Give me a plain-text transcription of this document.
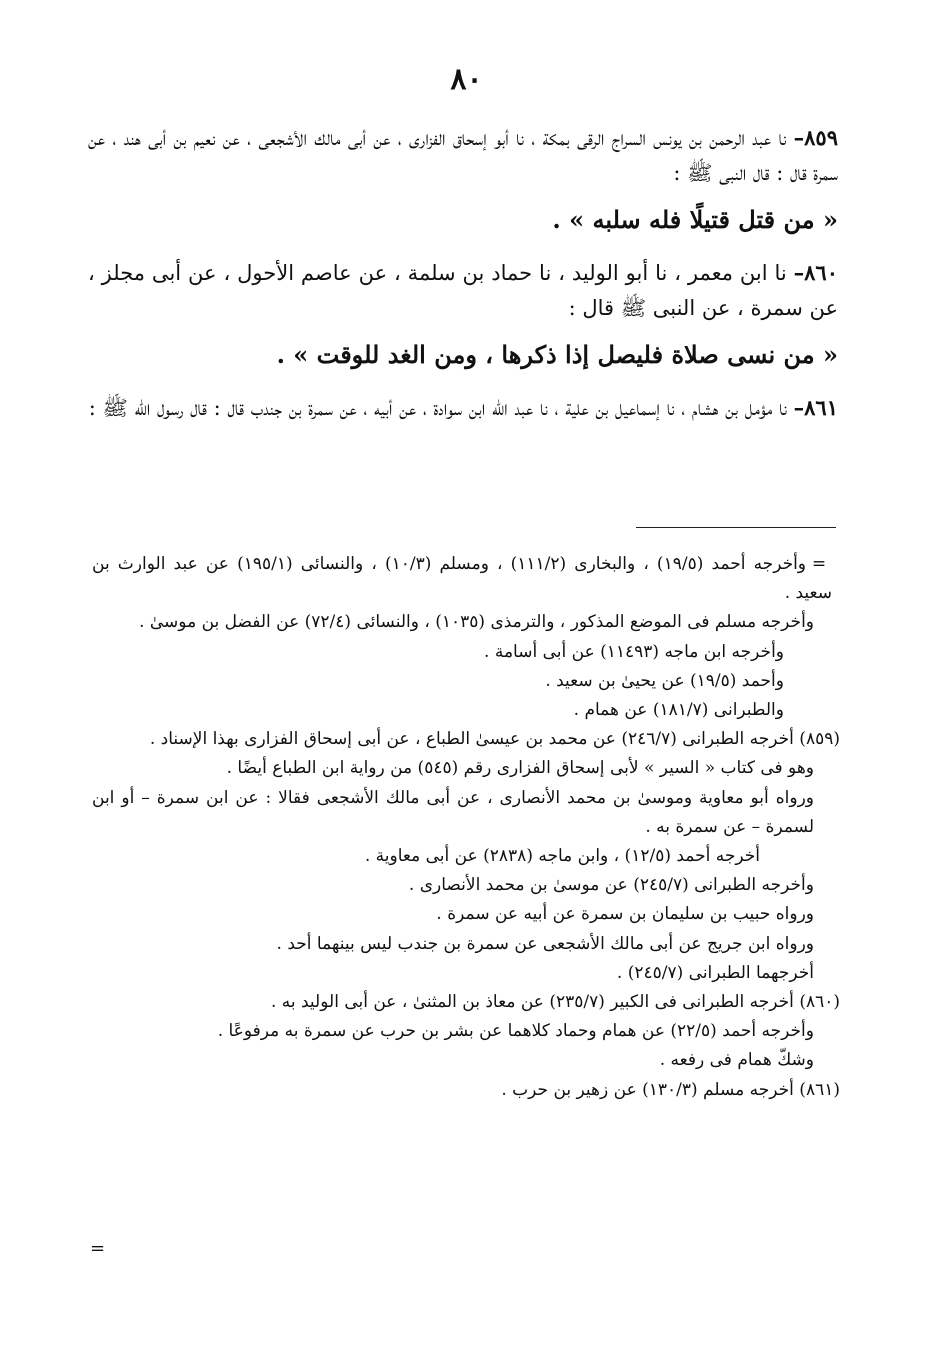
٨٠

٨٥٩– نا عبد الرحمن بن يونس السراج الرقى بمكة ، نا أبو إسحاق الفزارى ، عن أبى مالك الأشجعى ، عن نعيم بن أبى هند ، عن سمرة قال : قال النبى ﷺ :

« من قتل قتيلًا فله سلبه » .

٨٦٠– نا ابن معمر ، نا أبو الوليد ، نا حماد بن سلمة ، عن عاصم الأحول ، عن أبى مجلز ، عن سمرة ، عن النبى ﷺ قال :

« من نسى صلاة فليصل إذا ذكرها ، ومن الغد للوقت » .

٨٦١– نا مؤمل بن هشام ، نا إسماعيل بن علية ، نا عبد الله ابن سوادة ، عن أبيه ، عن سمرة بن جندب قال : قال رسول الله ﷺ :

=وأخرجه أحمد (١٩/٥) ، والبخارى (١١١/٢) ، ومسلم (١٠/٣) ، والنسائى (١٩٥/١) عن عبد الوارث بن سعيد .

وأخرجه مسلم فى الموضع المذكور ، والترمذى (١٠٣٥) ، والنسائى (٧٢/٤) عن الفضل بن موسىٰ .

وأخرجه ابن ماجه (١١٤٩٣) عن أبى أسامة .

وأحمد (١٩/٥) عن يحيىٰ بن سعيد .

والطبرانى (١٨١/٧) عن همام .

(٨٥٩) أخرجه الطبرانى (٢٤٦/٧) عن محمد بن عيسىٰ الطباع ، عن أبى إسحاق الفزارى بهذا الإسناد .

وهو فى كتاب « السير » لأبى إسحاق الفزارى رقم (٥٤٥) من رواية ابن الطباع أيضًا .

ورواه أبو معاوية وموسىٰ بن محمد الأنصارى ، عن أبى مالك الأشجعى فقالا : عن ابن سمرة – أو ابن لسمرة – عن سمرة به .

أخرجه أحمد (١٢/٥) ، وابن ماجه (٢٨٣٨) عن أبى معاوية .

وأخرجه الطبرانى (٢٤٥/٧) عن موسىٰ بن محمد الأنصارى .

ورواه حبيب بن سليمان بن سمرة عن أبيه عن سمرة .

ورواه ابن جريج عن أبى مالك الأشجعى عن سمرة بن جندب ليس بينهما أحد .

أخرجهما الطبرانى (٢٤٥/٧) .

(٨٦٠) أخرجه الطبرانى فى الكبير (٢٣٥/٧) عن معاذ بن المثنىٰ ، عن أبى الوليد به .

وأخرجه أحمد (٢٢/٥) عن همام وحماد كلاهما عن بشر بن حرب عن سمرة به مرفوعًا .

وشكّ همام فى رفعه .

(٨٦١) أخرجه مسلم (١٣٠/٣) عن زهير بن حرب .

=
